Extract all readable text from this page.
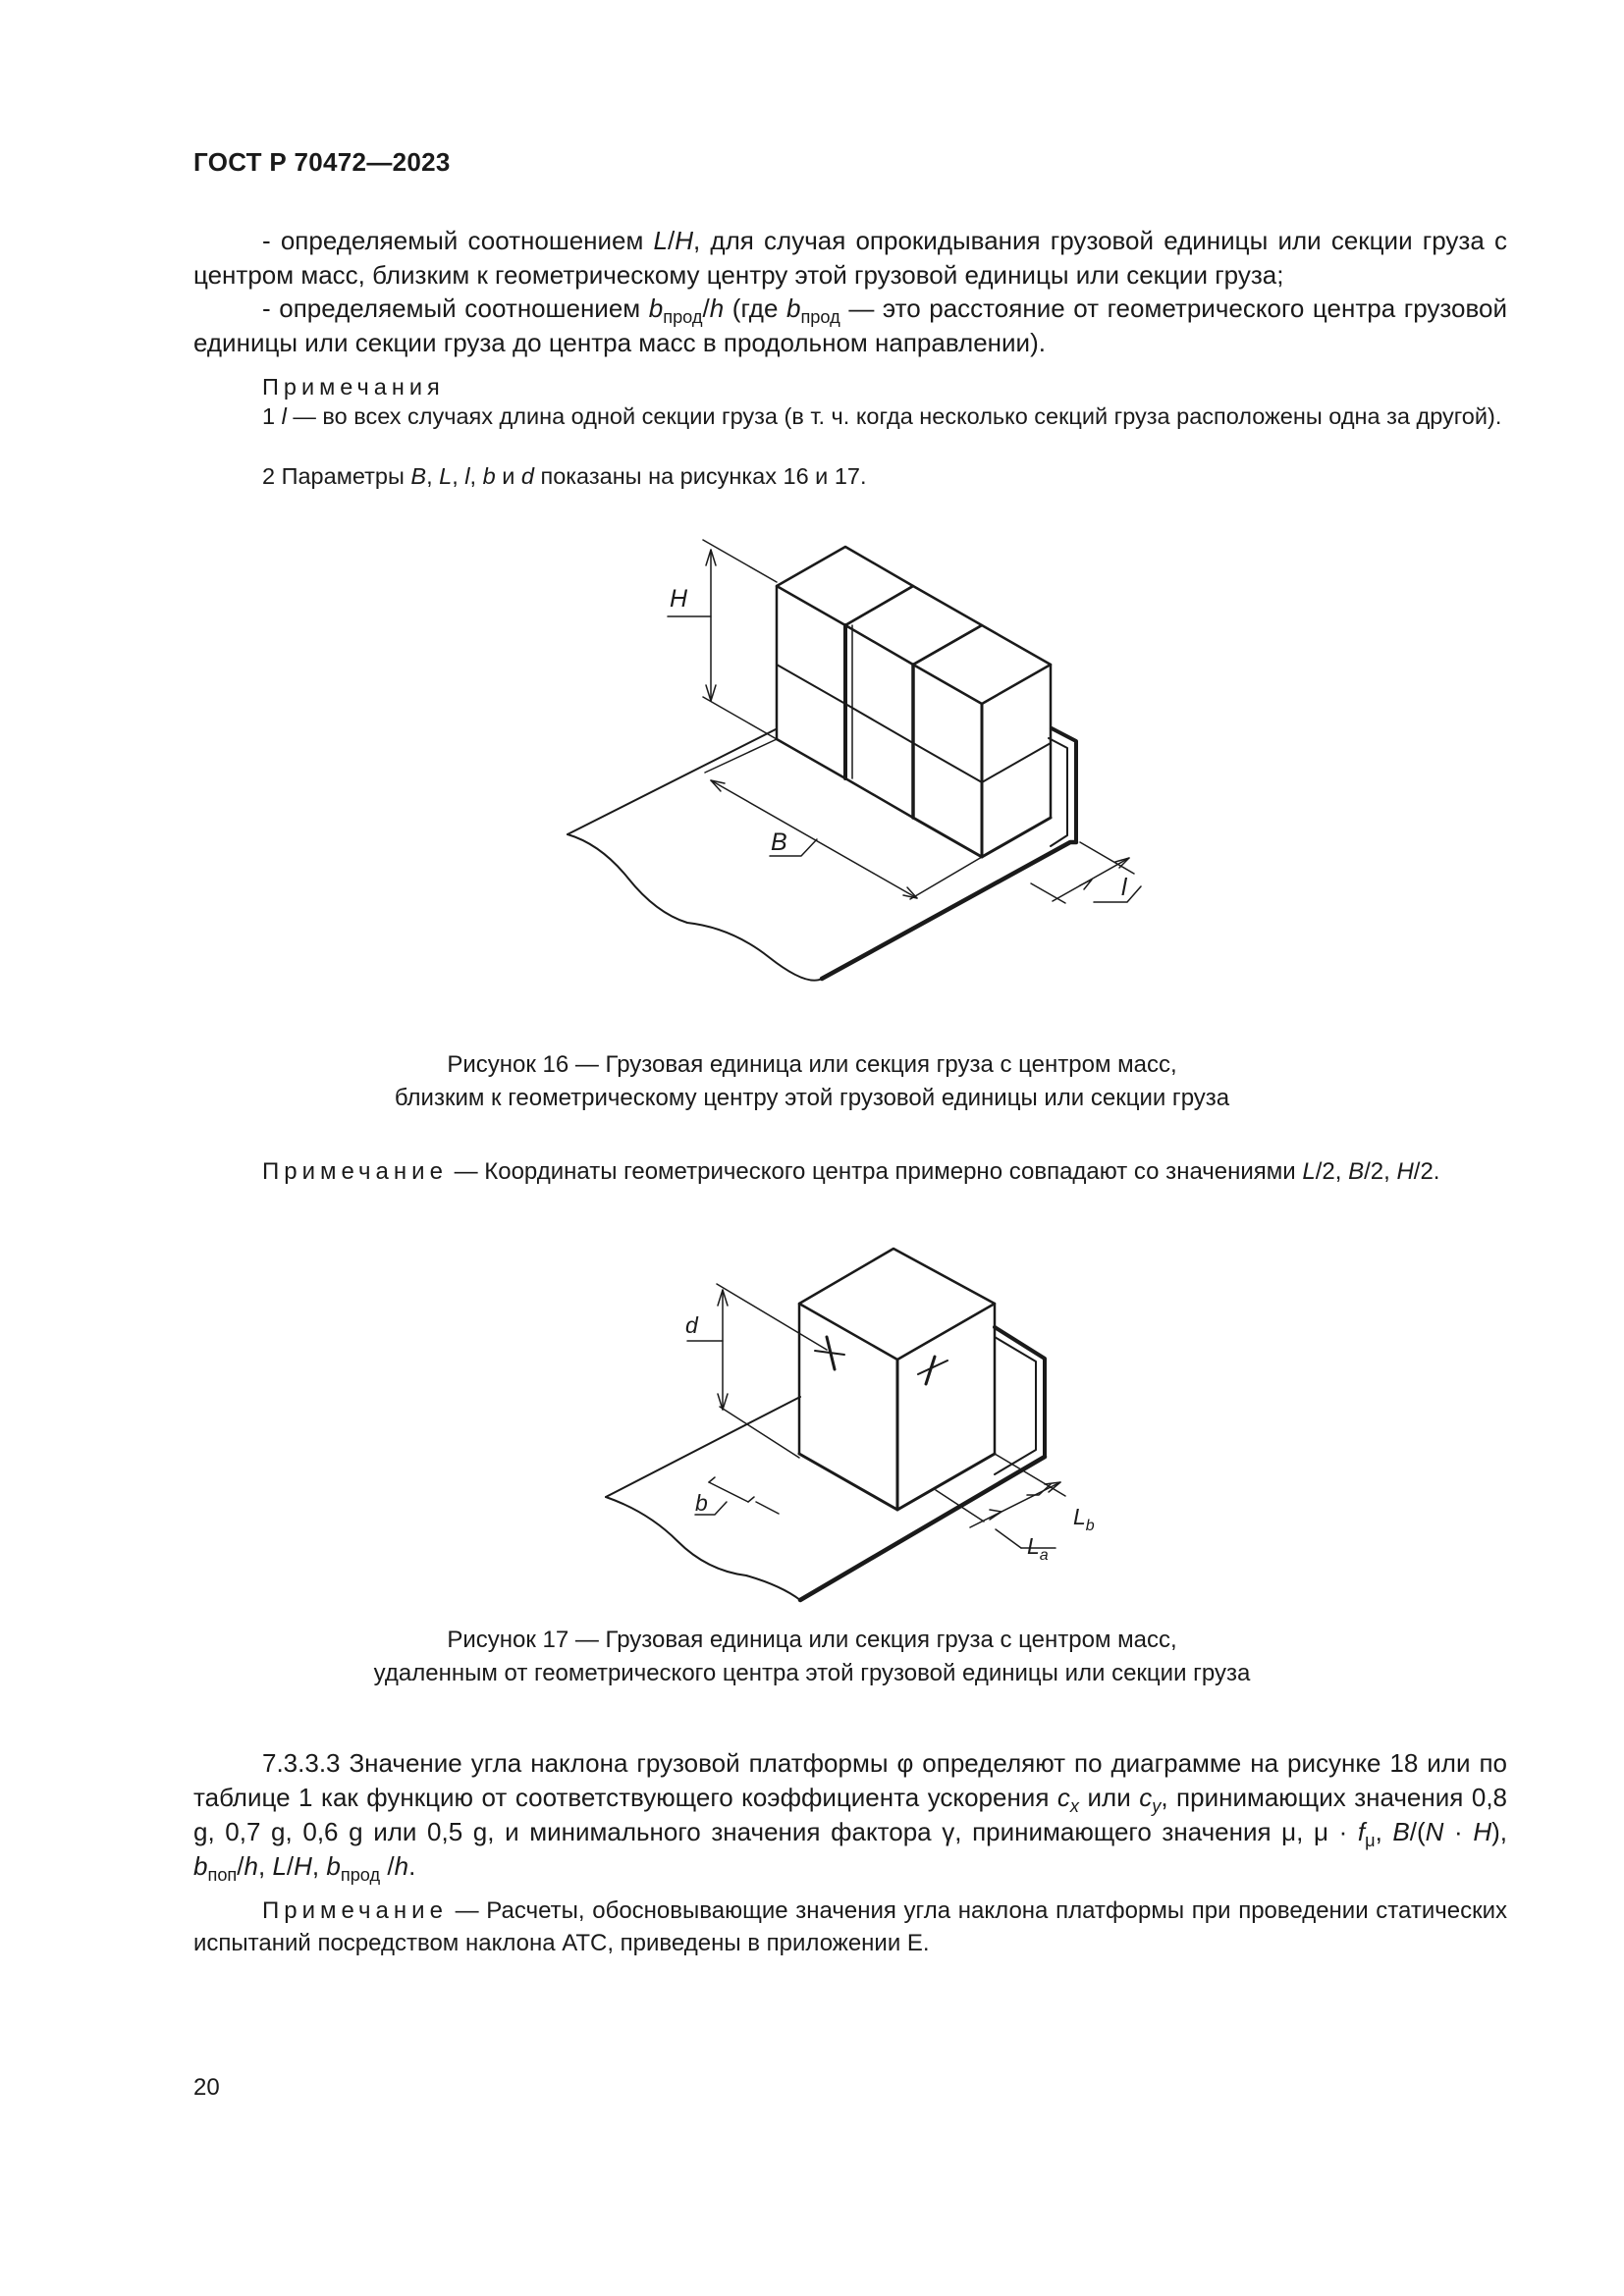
ГОСТ Р 70472—2023
- определяемый соотношением L/H, для случая опрокидывания грузовой единицы или секции груза с центром масс, близким к геометрическому центру этой грузовой единицы или секции груза;
- определяемый соотношением $b_{прод}/h$ (где $b_{прод}$ — это расстояние от геометрического центра грузовой единицы или секции груза до центра масс в продольном направлении).
Примечания
1 l — во всех случаях длина одной секции груза (в т. ч. когда несколько секций груза расположены одна за другой).
2 Параметры B, L, l, b и d показаны на рисунках 16 и 17.
H
B
l
Рисунок 16 — Грузовая единица или секция груза с центром масс,
близким к геометрическому центру этой грузовой единицы или секции груза
Примечание — Координаты геометрического центра примерно совпадают со значениями L/2, B/2, H/2.
d
b
$L_b$
$L_a$
Рисунок 17 — Грузовая единица или секция груза с центром масс,
удаленным от геометрического центра этой грузовой единицы или секции груза
7.3.3.3 Значение угла наклона грузовой платформы φ определяют по диаграмме на рисунке 18 или по таблице 1 как функцию от соответствующего коэффициента ускорения $c_x$ или $c_y$, принимающих значения 0,8 g, 0,7 g, 0,6 g или 0,5 g, и минимального значения фактора γ, принимающего значения μ, $\mu \cdot f_\mu$, B/(N · H), $b_{поп}/h$, L/H, $b_{прод}$ /h.
Примечание — Расчеты, обосновывающие значения угла наклона платформы при проведении статических испытаний посредством наклона АТС, приведены в приложении Е.
20
